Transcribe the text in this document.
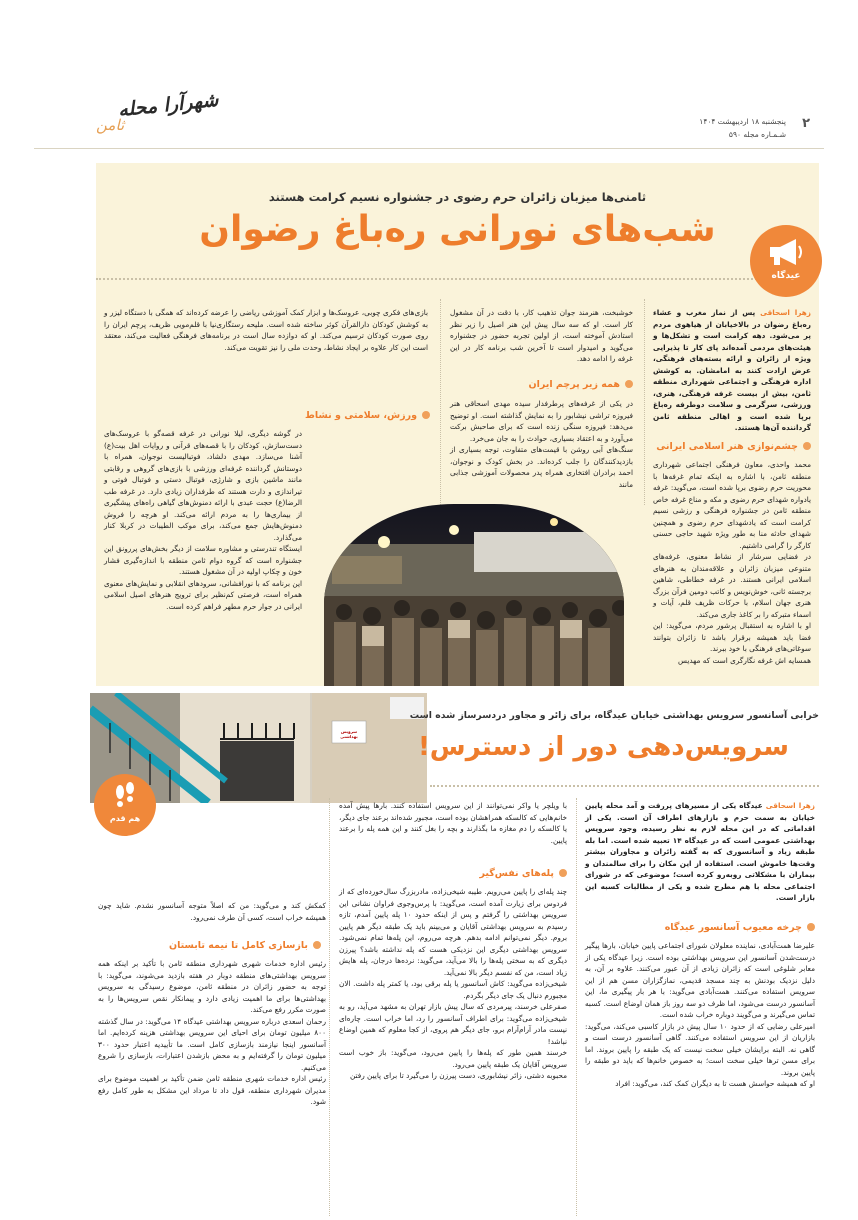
۲
پنجشنبه ۱۸ اردیبهشت ۱۴۰۴
شـمـاره مجله ۵۹۰
شهرآرا محله
ثامن
ثامنی‌ها میزبان زائران حرم رضوی در جشنواره نسیم کرامت هستند
شب‌های نورانی ره‌باغ رضوان
زهرا اسحاقی پس از نماز مغرب و عشاء ره‌باغ رضوان در بالاخیابان از هیاهوی مردم پر می‌شود. دهه کرامت است و تشکل‌ها و هیئت‌های مردمی آمده‌اند پای کار تا پذیرایی ویژه از زائران و ارائه بسته‌های فرهنگی، عرض ارادت کنند به امامشان. به کوشش اداره فرهنگی و اجتماعی شهرداری منطقه ثامن، بیش از بیست غرفه فرهنگی، هنری، ورزشی، سرگرمی و سلامت دوطرفه ره‌باغ برپا شده است و اهالی منطقه ثامن گرداننده آن‌ها هستند.
چشم‌نوازی هنر اسلامی ایرانی
محمد واحدی، معاون فرهنگی اجتماعی شهرداری منطقه ثامن، با اشاره به اینکه تمام غرفه‌ها با محوریت حرم رضوی برپا شده است، می‌گوید: غرفه یادواره شهدای حرم رضوی و مکه و مناع غرفه خاص منطقه ثامن در جشنواره فرهنگی و رزشی نسیم کرامت است که یادشهدای حرم رضوی و همچنین شهدای حادثه منا به طور ویژه شهید حاجی حسنی کارگر را گرامی داشتیم.
در فضایی سرشار از نشاط معنوی، غرفه‌های متنوعی میزبان زائران و علاقه‌مندان به هنرهای اسلامی ایرانی هستند. در غرفه خطاطی، شاهین برجسته ثانی، خوش‌نویس و کاتب دومین قرآن بزرگ هنری جهان اسلام، با حرکات ظریف قلم، آیات و اسماء متبرکه را بر کاغذ جاری می‌کند.
او با اشاره به استقبال پرشور مردم، می‌گوید: این فضا باید همیشه برقرار باشد تا زائران بتوانند سوغاتی‌های فرهنگی با خود ببرند.
همسایه اش غرفه نگارگری است که مهدیس
خوشبخت، هنرمند جوان تذهیب کار، با دقت در آن مشغول کار است. او که سه سال پیش این هنر اصیل را زیر نظر استادش آموخته است، از اولین تجربه حضور در جشنواره می‌گوید و امیدوار است تا آخرین شب برنامه کار در این غرفه را ادامه دهد.
همه زیر پرچم ایران
در یکی از غرفه‌های پرطرفدار سیده مهدی اسحاقی هنر فیروزه تراشی نیشابور را به نمایش گذاشته است. او توضیح می‌دهد: فیروزه سنگی زنده است که برای صاحبش برکت می‌آورد و به اعتقاد بسیاری، حوادث را به جان می‌خرد.
سنگ‌های آبی روشن با قیمت‌های متفاوت، توجه بسیاری از بازدیدکنندگان را جلب کرده‌اند. در بخش کودک و نوجوان، احمد برادران افتخاری همراه پدر محصولات آموزشی جذابی مانند
بازی‌های فکری چوبی، عروسک‌ها و ابزار کمک آموزشی ریاضی را عرضه کرده‌اند که همگی با دستگاه لیزر و به کوشش کودکان دارالقرآن کوثر ساخته شده است. ملیحه رستگاری‌نیا با قلم‌مویی ظریف، پرچم ایران را روی صورت کودکان ترسیم می‌کند. او که دوازده سال است در برنامه‌های فرهنگی فعالیت می‌کند، معتقد است این کار علاوه بر ایجاد نشاط، وحدت ملی را نیز تقویت می‌کند.
ورزش، سلامتی و نشاط
در گوشه دیگری، لیلا نورانی در غرفه قصه‌گو با عروسک‌های دست‌سازش، کودکان را با قصه‌های قرآنی و روایات اهل بیت(ع) آشنا می‌سازد. مهدی دلشاد، فوتبالیست نوجوان، همراه با دوستانش گرداننده غرفه‌ای ورزشی با بازی‌های گروهی و رقابتی مانند ماشین بازی و شارژی، فوتبال دستی و فوتبال فوتی و تیراندازی و دارت هستند که طرفداران زیادی دارد. در غرفه طب الرضا(ع) حجت عبدی با ارائه دمنوش‌های گیاهی راه‌های پیشگیری از بیماری‌ها را به مردم ارائه می‌کند. او هرچه را فروش دمنوش‌هایش جمع می‌کند، برای موکب الطیبات در کربلا کنار می‌گذارد.
ایستگاه تندرستی و مشاوره سلامت از دیگر بخش‌های پررونق این جشنواره است که گروه دوام ثامن منطقه با اندازه‌گیری فشار خون و چکاپ اولیه در آن مشغول هستند.
این برنامه که با نورافشانی، سرودهای انقلابی و نمایش‌های معنوی همراه است، فرصتی کم‌نظیر برای ترویج هنرهای اصیل اسلامی ایرانی در جوار حرم مطهر فراهم کرده است.
عیدگاه
سرویس بهداشتی
هم قدم
خرابی آسانسور سرویس بهداشتی خیابان عیدگاه، برای زائر و مجاور دردسرساز شده است
سرویس‌دهی دور از دسترس!
زهرا اسحاقی عیدگاه یکی از مسیرهای پررفت و آمد محله پایین خیابان به سمت حرم و بازارهای اطراف آن است. یکی از اقداماتی که در این محله لازم به نظر رسیده، وجود سرویس بهداشتی عمومی است که در عیدگاه ۱۴ تعبیه شده است. اما بله طبقه زیاد و آسانسوری که به گفته زائران و مجاوران بیشتر وقت‌ها خاموش است. استفاده از این مکان را برای سالمندان و بیماران با مشکلاتی روبه‌رو کرده است؛ موضوعی که در شورای اجتماعی محله با هم مطرح شده و یکی از مطالبات کسبه این بازار است.
چرخه معیوب آسانسور عیدگاه
علیرضا همت‌آبادی، نماینده معلولان شورای اجتماعی پایین خیابان، بارها پیگیر درست‌شدن آسانسور این سرویس بهداشتی بوده است. زیرا عیدگاه یکی از معابر شلوغی است که زائران زیادی از آن عبور می‌کنند. علاوه بر آن، به دلیل نزدیک بودنش به چند مسجد قدیمی، نمازگزاران مسن هم از این سرویس استفاده می‌کنند. همت‌آبادی می‌گوید: با هر بار پیگیری ما، این آسانسور درست می‌شود، اما ظرف دو سه روز باز همان اوضاع است. کسبه تماس می‌گیرند و می‌گویند دوباره خراب شده است.
امیرعلی رضایی که از حدود ۱۰ سال پیش در بازار کاسبی می‌کند، می‌گوید: بازاریان از این سرویس استفاده می‌کنند. گاهی آسانسور درست است و گاهی نه. البته برایشان خیلی سخت نیست که یک طبقه را پایین بروند. اما برای مسن ترها خیلی سخت است؛ به خصوص خانم‌ها که باید دو طبقه را پایین بروند.
او که همیشه حواسش هست تا به دیگران کمک کند، می‌گوید: افراد
با ویلچر یا واکر نمی‌توانند از این سرویس استفاده کنند. بارها پیش آمده خانم‌هایی که کالسکه همراهشان بوده است، مجبور شده‌اند برعند جای دیگر، یا کالسکه را دم مغازه ما بگذارند و بچه را بغل کنند و این همه پله را برعند پایین.
پله‌های نفس‌گیر
چند پله‌ای را پایین می‌رویم. طیبه شیخی‌زاده، مادربزرگ سال‌خورده‌ای که از فردوس برای زیارت آمده است، می‌گوید: با پرس‌وجوی فراوان نشانی این سرویس بهداشتی را گرفتم و پس از اینکه حدود ۱۰ پله پایین آمدم، تازه رسیدم به سرویس بهداشتی آقایان و می‌بینم باید یک طبقه دیگر هم پایین بروم. دیگر نمی‌توانم ادامه بدهم. هرچه می‌روم، این پله‌ها تمام نمی‌شود. سرویس بهداشتی دیگری این نزدیکی هست که پله نداشته باشد؟ پیرزن دیگری که به سختی پله‌ها را بالا می‌آید، می‌گوید: نرده‌ها درجان، پله هایش زیاد است، من که نفسم دیگر بالا نمی‌آید.
شیخی‌زاده می‌گوید: کاش آسانسور یا پله برقی بود، یا کمتر پله داشت. الان مجبورم دنبال یک جای دیگر بگردم.
صفرعلی خرسند، پیرمردی که سال پیش بازار تهران به مشهد می‌آید، رو به شیخی‌زاده می‌گوید: برای اطراف آسانسور را رد، اما خراب است. چاره‌ای نیست مادر آرام‌آرام برو، جای دیگر هم پروی، از کجا معلوم که همین اوضاع نباشد!
خرسند همین طور که پله‌ها را پایین می‌رود، می‌گوید: باز خوب است سرویس آقایان یک طبقه پایین می‌رود.
محبوبه دشتی، زائر نیشابوری، دست پیرزن را می‌گیرد تا برای پایین رفتن
کمکش کند و می‌گوید: من که اصلاً متوجه آسانسور نشدم. شاید چون همیشه خراب است، کسی آن طرف نمی‌رود.
بازسازی کامل تا نیمه تابستان
رئیس اداره خدمات شهری شهرداری منطقه ثامن با تأکید بر اینکه همه سرویس بهداشتی‌های منطقه دوبار در هفته بازدید می‌شوند، می‌گوید: با توجه به حضور زائران در منطقه ثامن، موضوع رسیدگی به سرویس بهداشتی‌ها برای ما اهمیت زیادی دارد و پیمانکار نقص سرویس‌ها را به صورت مکرر رفع می‌کند.
رحمان اسعدی درباره سرویس بهداشتی عیدگاه ۱۴ می‌گوید: در سال گذشته ۸۰۰ میلیون تومان برای احیای این سرویس بهداشتی هزینه کرده‌ایم. اما آسانسور اینجا نیازمند بازسازی کامل است. ما تأییدیه اعتبار حدود ۳۰۰ میلیون تومان را گرفته‌ایم و به محض بازشدن اعتبارات، بازسازی را شروع می‌کنیم.
رئیس اداره خدمات شهری منطقه ثامن ضمن تأکید بر اهمیت موضوع برای مدیران شهرداری منطقه، قول داد تا مرداد این مشکل به طور کامل رفع شود.
